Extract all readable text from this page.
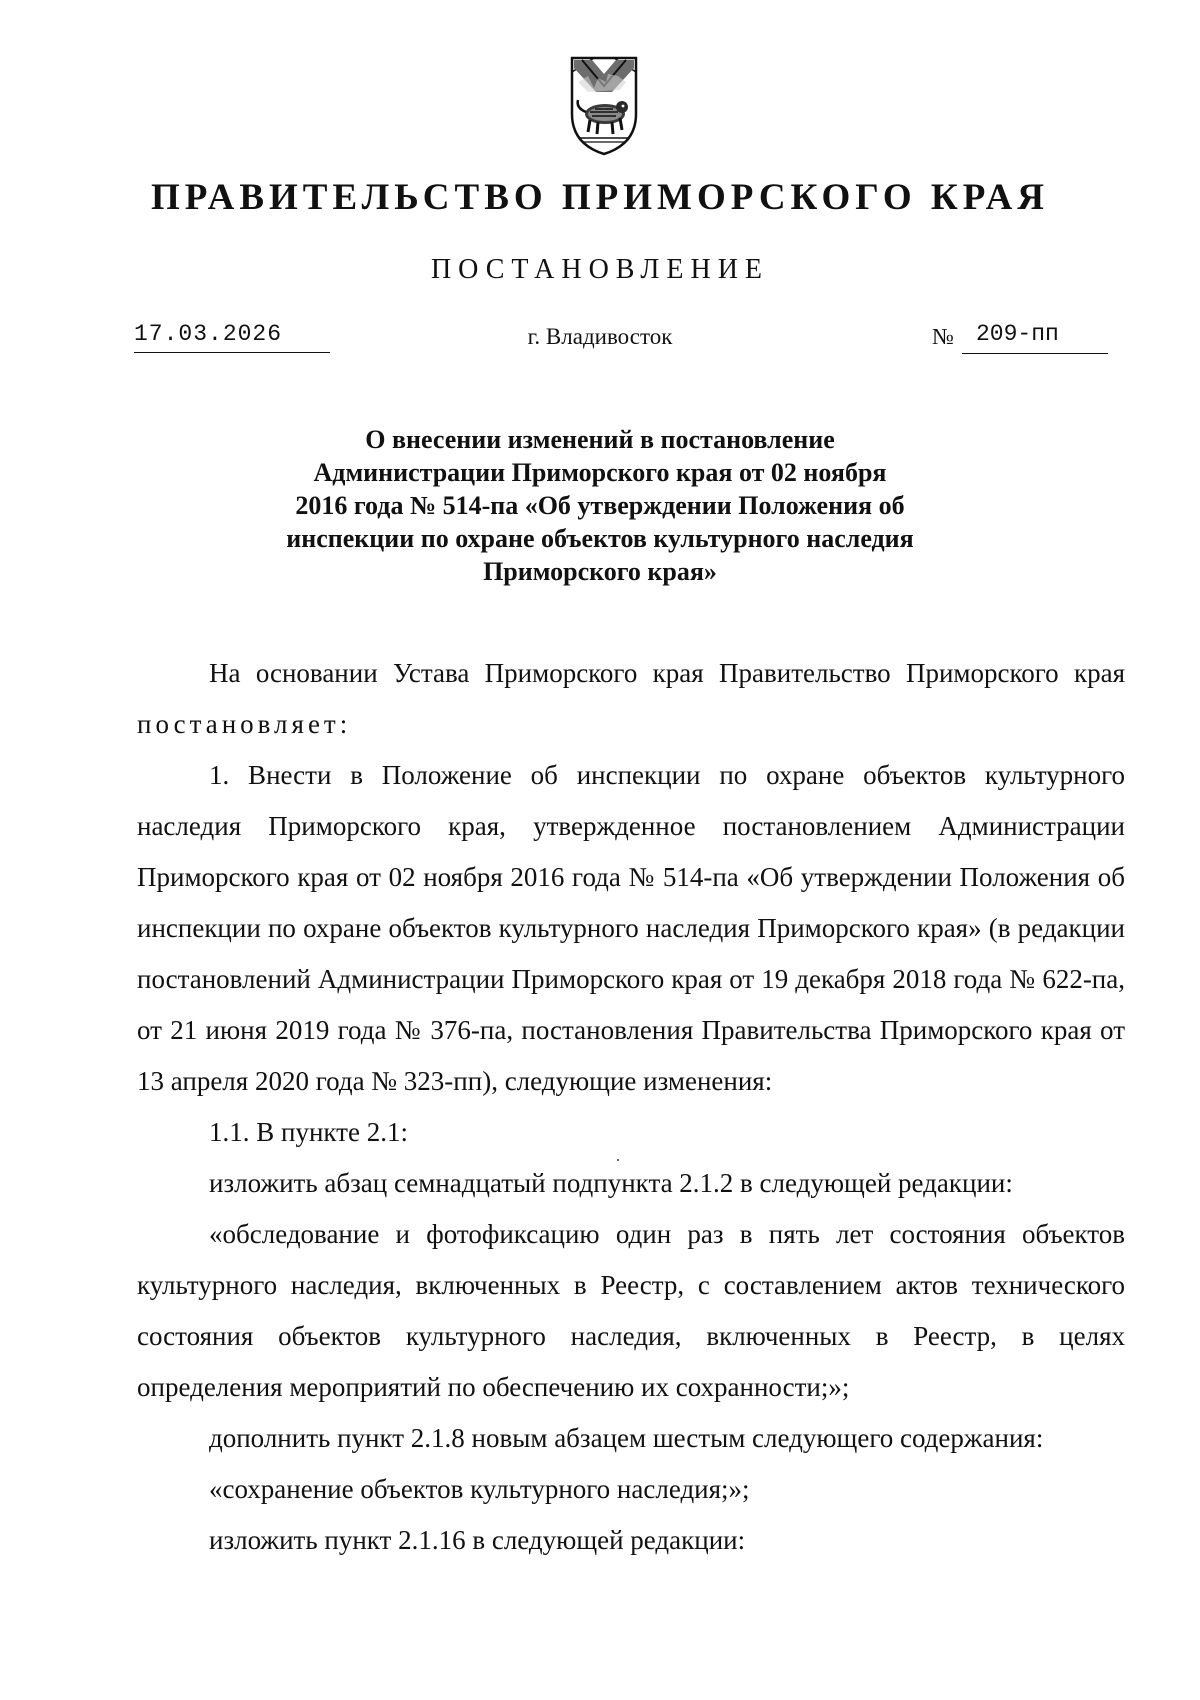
ПРАВИТЕЛЬСТВО ПРИМОРСКОГО КРАЯ
ПОСТАНОВЛЕНИЕ
17.03.2026	г. Владивосток	№ 209-пп
О внесении изменений в постановление
Администрации Приморского края от 02 ноября
2016 года № 514-па «Об утверждении Положения об
инспекции по охране объектов культурного наследия
Приморского края»

На основании Устава Приморского края Правительство Приморского края постановляет:

1. Внести в Положение об инспекции по охране объектов культурного наследия Приморского края, утвержденное постановлением Администрации Приморского края от 02 ноября 2016 года № 514-па «Об утверждении Положения об инспекции по охране объектов культурного наследия Приморского края» (в редакции постановлений Администрации Приморского края от 19 декабря 2018 года № 622-па, от 21 июня 2019 года № 376-па, постановления Правительства Приморского края от 13 апреля 2020 года № 323-пп), следующие изменения:

1.1. В пункте 2.1:

изложить абзац семнадцатый подпункта 2.1.2 в следующей редакции:

«обследование и фотофиксацию один раз в пять лет состояния объектов культурного наследия, включенных в Реестр, с составлением актов технического состояния объектов культурного наследия, включенных в Реестр, в целях определения мероприятий по обеспечению их сохранности;»;

дополнить пункт 2.1.8 новым абзацем шестым следующего содержания:

«сохранение объектов культурного наследия;»;

изложить пункт 2.1.16 в следующей редакции:
